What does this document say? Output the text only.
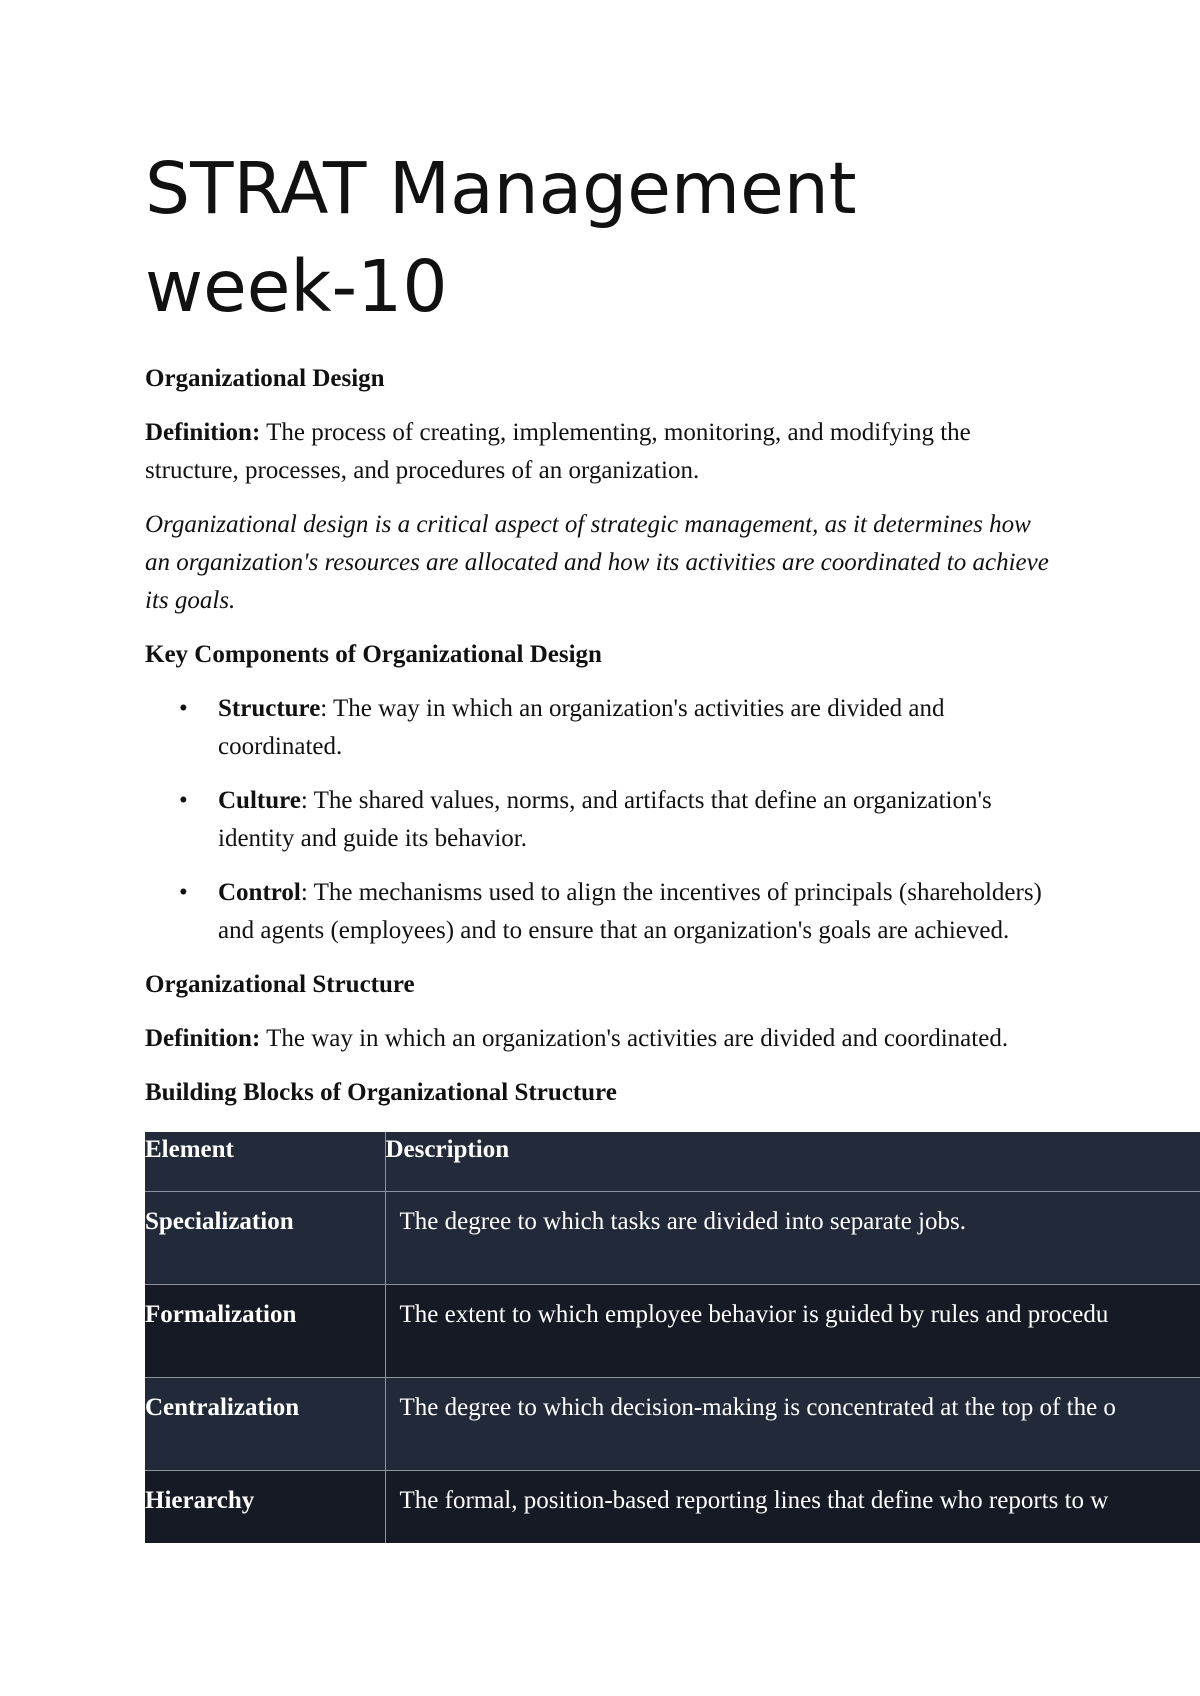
STRAT Management
week-10

Organizational Design

Definition: The process of creating, implementing, monitoring, and modifying the structure, processes, and procedures of an organization.

Organizational design is a critical aspect of strategic management, as it determines how an organization's resources are allocated and how its activities are coordinated to achieve its goals.

Key Components of Organizational Design

• Structure: The way in which an organization's activities are divided and coordinated.
• Culture: The shared values, norms, and artifacts that define an organization's identity and guide its behavior.
• Control: The mechanisms used to align the incentives of principals (shareholders) and agents (employees) and to ensure that an organization's goals are achieved.

Organizational Structure

Definition: The way in which an organization's activities are divided and coordinated.

Building Blocks of Organizational Structure

Element	Description
Specialization	The degree to which tasks are divided into separate jobs.
Formalization	The extent to which employee behavior is guided by rules and procedu
Centralization	The degree to which decision-making is concentrated at the top of the o
Hierarchy	The formal, position-based reporting lines that define who reports to w
